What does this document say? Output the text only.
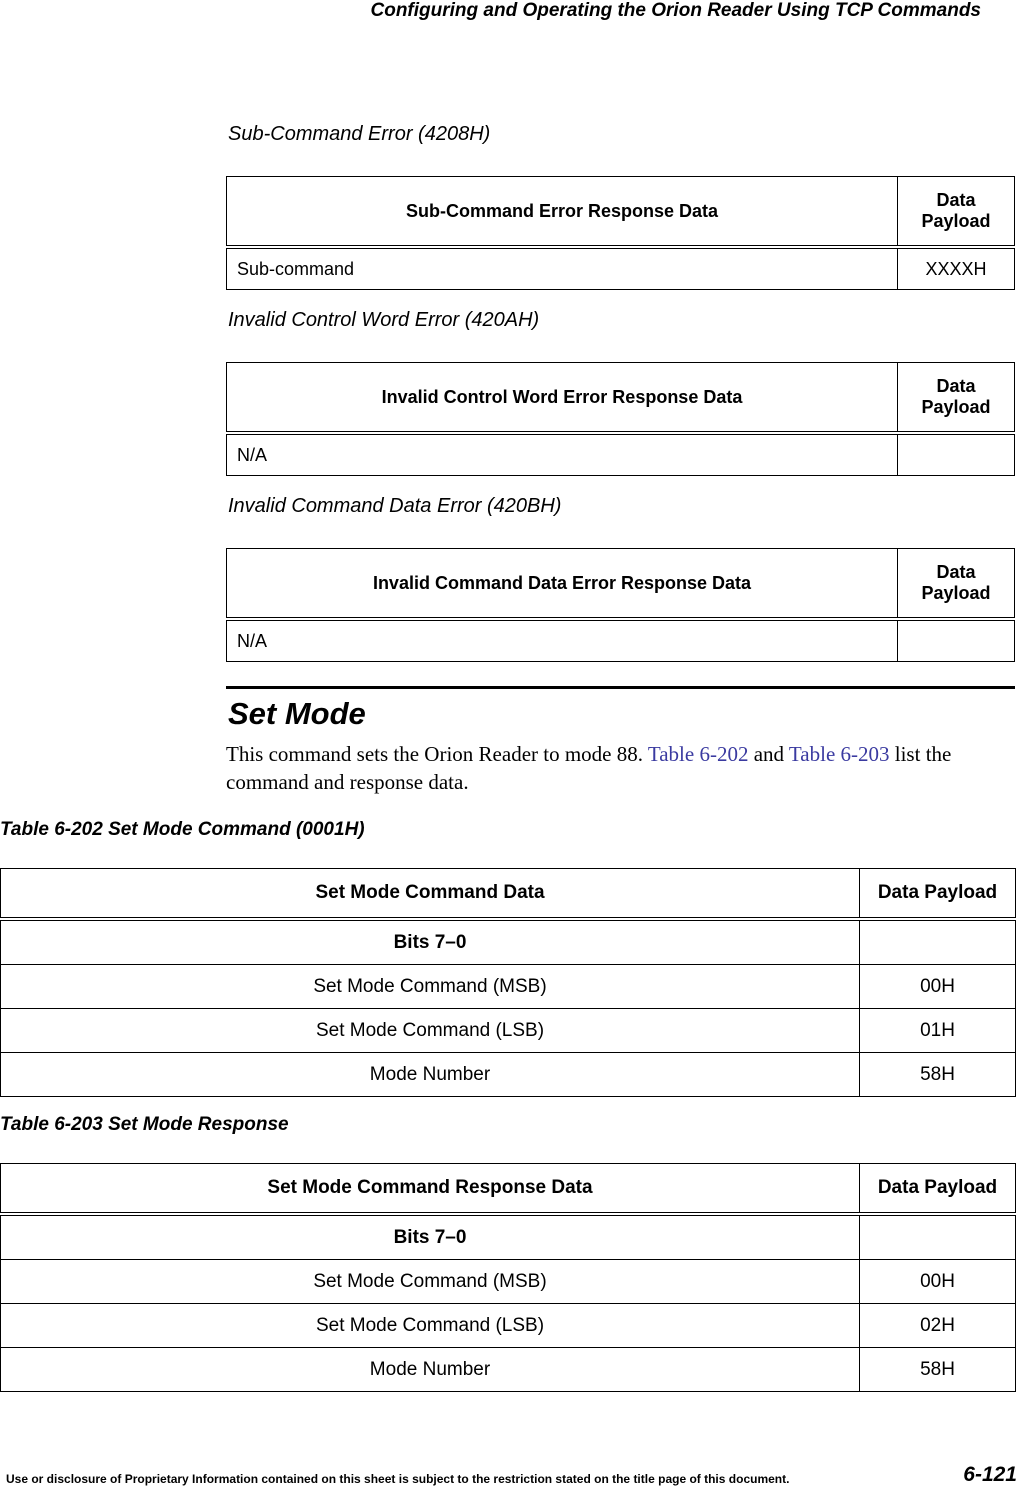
Configuring and Operating the Orion Reader Using TCP Commands
Sub-Command Error (4208H)
Sub-Command Error Response Data	Data
Payload
Sub-command	XXXXH
Invalid Control Word Error (420AH)
Invalid Control Word Error Response Data	Data
Payload
N/A	
Invalid Command Data Error (420BH)
Invalid Command Data Error Response Data	Data
Payload
N/A	
Set Mode
This command sets the Orion Reader to mode 88. Table 6-202 and Table 6-203 list the command and response data.
Table 6-202 Set Mode Command (0001H)
Set Mode Command Data	Data Payload
Bits 7–0	
Set Mode Command (MSB)	00H
Set Mode Command (LSB)	01H
Mode Number	58H
Table 6-203 Set Mode Response
Set Mode Command Response Data	Data Payload
Bits 7–0	
Set Mode Command (MSB)	00H
Set Mode Command (LSB)	02H
Mode Number	58H
Use or disclosure of Proprietary Information contained on this sheet is subject to the restriction stated on the title page of this document.	6-121
